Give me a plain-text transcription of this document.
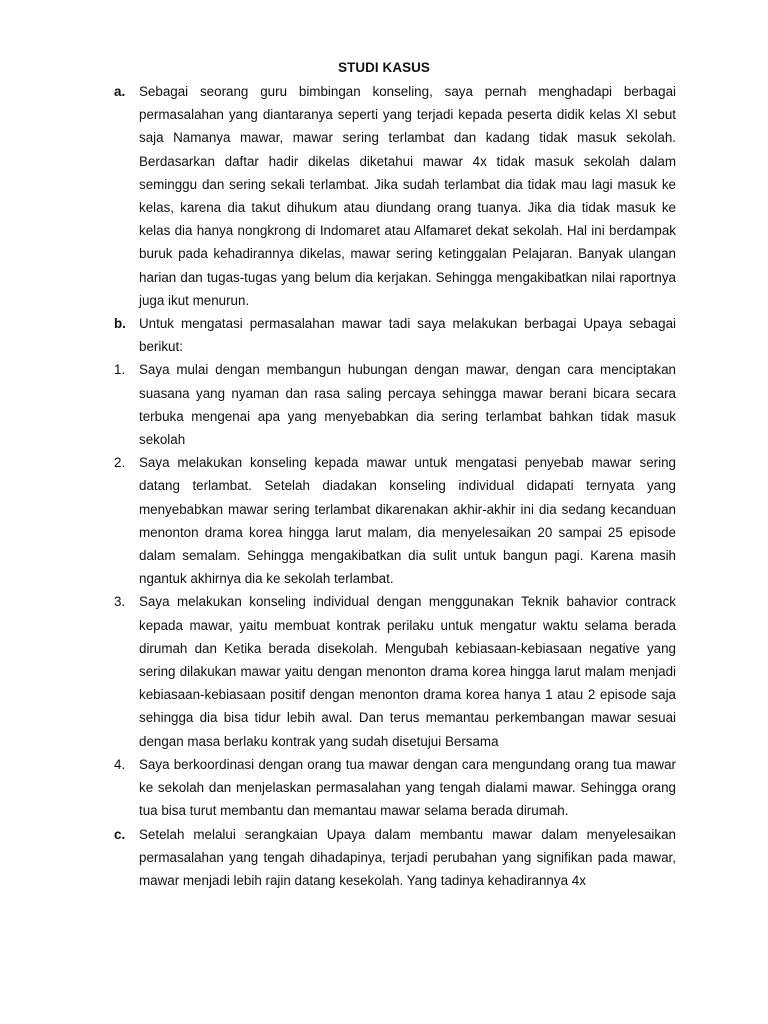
STUDI KASUS
a. Sebagai seorang guru bimbingan konseling, saya pernah menghadapi berbagai permasalahan yang diantaranya seperti yang terjadi kepada peserta didik kelas XI sebut saja Namanya mawar, mawar sering terlambat dan kadang tidak masuk sekolah. Berdasarkan daftar hadir dikelas diketahui mawar 4x tidak masuk sekolah dalam seminggu dan sering sekali terlambat. Jika sudah terlambat dia tidak mau lagi masuk ke kelas, karena dia takut dihukum atau diundang orang tuanya. Jika dia tidak masuk ke kelas dia hanya nongkrong di Indomaret atau Alfamaret dekat sekolah. Hal ini berdampak buruk pada kehadirannya dikelas, mawar sering ketinggalan Pelajaran. Banyak ulangan harian dan tugas-tugas yang belum dia kerjakan. Sehingga mengakibatkan nilai raportnya juga ikut menurun.
b. Untuk mengatasi permasalahan mawar tadi saya melakukan berbagai Upaya sebagai berikut:
1. Saya mulai dengan membangun hubungan dengan mawar, dengan cara menciptakan suasana yang nyaman dan rasa saling percaya sehingga mawar berani bicara secara terbuka mengenai apa yang menyebabkan dia sering terlambat bahkan tidak masuk sekolah
2. Saya melakukan konseling kepada mawar untuk mengatasi penyebab mawar sering datang terlambat. Setelah diadakan konseling individual didapati ternyata yang menyebabkan mawar sering terlambat dikarenakan akhir-akhir ini dia sedang kecanduan menonton drama korea hingga larut malam, dia menyelesaikan 20 sampai 25 episode dalam semalam. Sehingga mengakibatkan dia sulit untuk bangun pagi. Karena masih ngantuk akhirnya dia ke sekolah terlambat.
3. Saya melakukan konseling individual dengan menggunakan Teknik bahavior contrack kepada mawar, yaitu membuat kontrak perilaku untuk mengatur waktu selama berada dirumah dan Ketika berada disekolah. Mengubah kebiasaan-kebiasaan negative yang sering dilakukan mawar yaitu dengan menonton drama korea hingga larut malam menjadi kebiasaan-kebiasaan positif dengan menonton drama korea hanya 1 atau 2 episode saja sehingga dia bisa tidur lebih awal. Dan terus memantau perkembangan mawar sesuai dengan masa berlaku kontrak yang sudah disetujui Bersama
4. Saya berkoordinasi dengan orang tua mawar dengan cara mengundang orang tua mawar ke sekolah dan menjelaskan permasalahan yang tengah dialami mawar. Sehingga orang tua bisa turut membantu dan memantau mawar selama berada dirumah.
c. Setelah melalui serangkaian Upaya dalam membantu mawar dalam menyelesaikan permasalahan yang tengah dihadapinya, terjadi perubahan yang signifikan pada mawar, mawar menjadi lebih rajin datang kesekolah. Yang tadinya kehadirannya 4x
